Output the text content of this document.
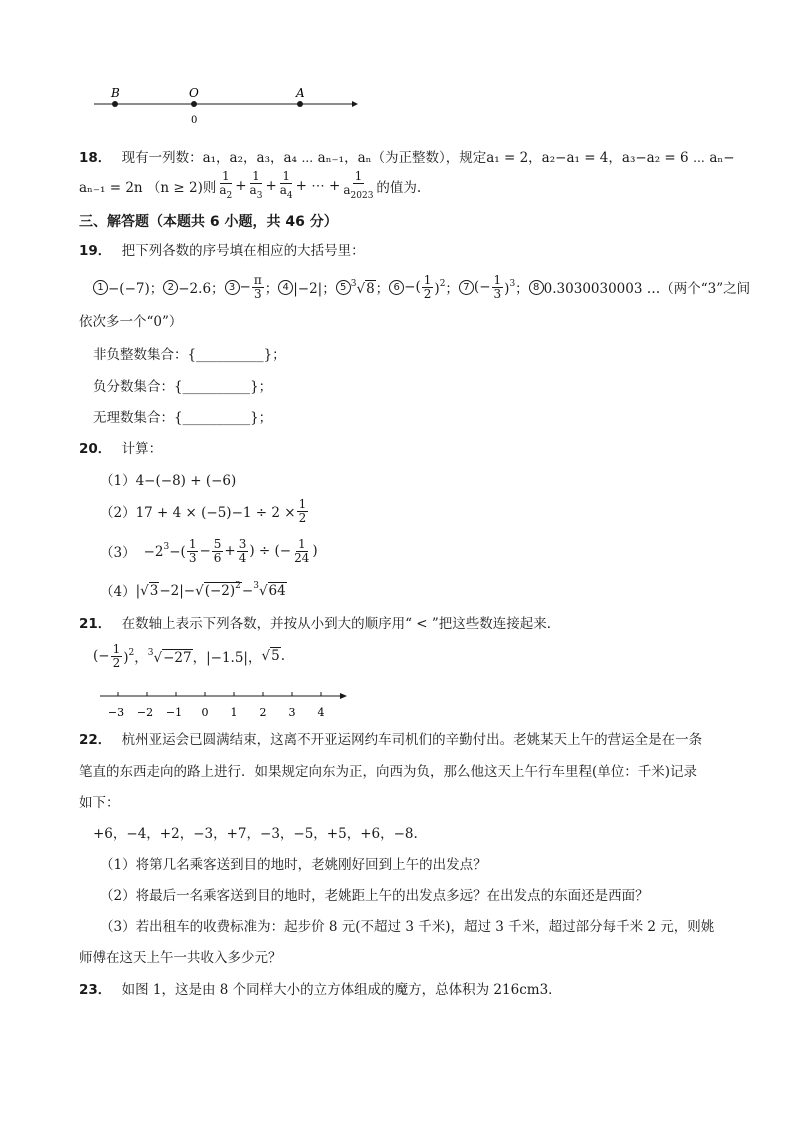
B	O	A
0
18． 现有一列数：a₁，a₂，a₃，a₄ ⋯ aₙ₋₁，aₙ（为正整数），规定a₁ = 2，a₂−a₁ = 4，a₃−a₂ = 6 ⋯ aₙ−
aₙ₋₁ = 2n （n ≥ 2)则 $\frac{1}{a_2} + \frac{1}{a_3} + \frac{1}{a_4}$ + ⋯ + $\frac{1}{a_{2023}}$ 的值为.
三、解答题（本题共 6 小题，共 46 分）
19． 把下列各数的序号填在相应的大括号里：
1 −(−7)； 2 −2.6； $3 - \frac{\pi}{3}$ ； 4 |−2|； 5 $^3$√8； 6 −( $\frac{1}{2} )^2$； 7 (− $\frac{1}{3} )^3$； 8 0.3030030003 …（两个“3”之间
依次多一个“0”）
非负整数集合：{__________}；
负分数集合：{__________}；
无理数集合：{__________}；
20． 计算：
（1）4−(−8) + (−6)
$(2)17 + 4 \times (-5)-1 \div 2 \times \frac{1}{2}$
$(3) -2^3-( \frac{1}{3} - \frac{5}{6} + \frac{3}{4}$ ) ÷ (− $\frac{1}{24}$ )
（4） $|√3-2|-√(-2)^2-^3√64$
21． 在数轴上表示下列各数，并按从小到大的顺序用“ < ”把这些数连接起来．
(− $\frac{1}{2} )^2$， $^3$√−27， |−1.5|， √5.
−3 −2 −1 0 1 2 3 4
22． 杭州亚运会已圆满结束，这离不开亚运网约车司机们的辛勤付出。老姚某天上午的营运全是在一条
笔直的东西走向的路上进行．如果规定向东为正，向西为负，那么他这天上午行车里程(单位：千米)记录
如下：
+6，−4，+2，−3，+7，−3，−5，+5，+6，−8.
（1）将第几名乘客送到目的地时，老姚刚好回到上午的出发点？
（2）将最后一名乘客送到目的地时，老姚距上午的出发点多远？在出发点的东面还是西面？
（3）若出租车的收费标准为：起步价 8 元(不超过 3 千米)，超过 3 千米，超过部分每千米 2 元，则姚
师傅在这天上午一共收入多少元？
23． 如图 1，这是由 8 个同样大小的立方体组成的魔方，总体积为 216cm3．
